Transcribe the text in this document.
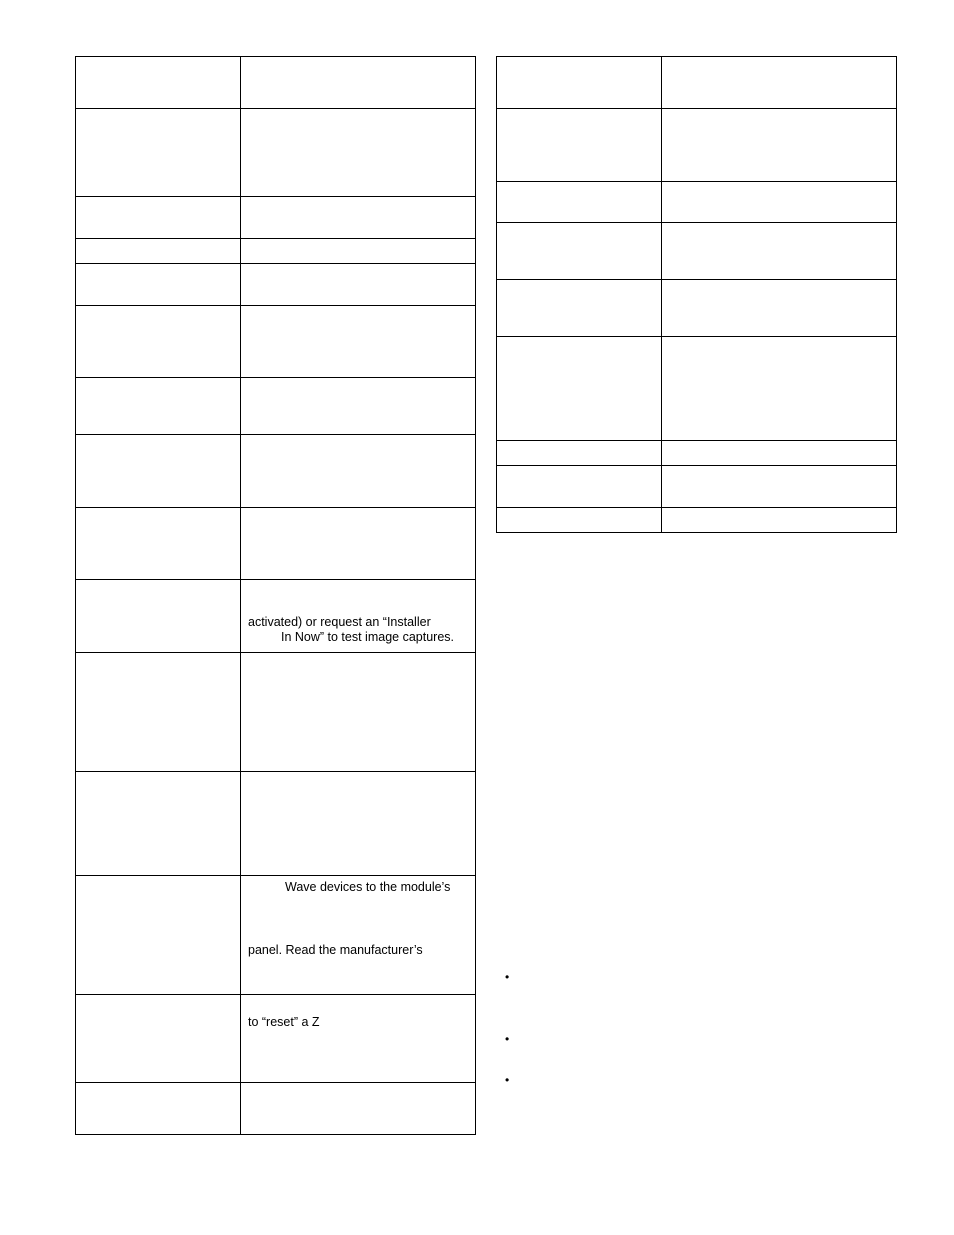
	activated) or request an “Installer
In Now” to test image captures.

	Wave devices to the module’s
panel. Read the manufacturer’s

	to “reset” a Z

•
•
•
